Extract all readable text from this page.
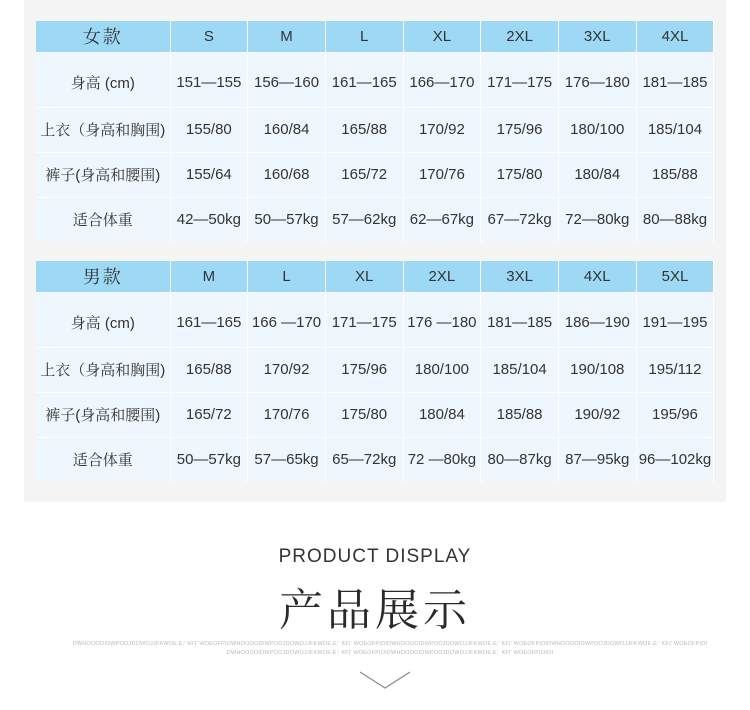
女款	S	M	L	XL	2XL	3XL	4XL
身高 (cm)	151—155	156—160	161—165	166—170	171—175	176—180	181—185
上衣（身高和胸围)	155/80	160/84	165/88	170/92	175/96	180/100	185/104
裤子(身高和腰围)	155/64	160/68	165/72	170/76	175/80	180/84	185/88
适合体重	42—50kg	50—57kg	57—62kg	62—67kg	67—72kg	72—80kg	80—88kg
男款	M	L	XL	2XL	3XL	4XL	5XL
身高 (cm)	161—165	166 —170	171—175	176 —180	181—185	186—190	191—195
上衣（身高和胸围)	165/88	170/92	175/96	180/100	185/104	190/108	195/112
裤子(身高和腰围)	165/72	170/76	175/80	180/84	185/88	190/92	195/96
适合体重	50—57kg	57—65kg	65—72kg	72 —80kg	80—87kg	87—95kg	96—102kg
PRODUCT DISPLAY
产品展示
DWHOOOOIDWPOOJDOWOJJFKWOE,E;' KF|' WOEOFP|OWHOOOOIDWPOOJDOWOJJFKWOE,E;' KF|' WOEOFP|OIDWHOOOOIDWPOOJDOWOJJFKWOE,E;' KF|' WOEOFP|OIDWHOOOOIDWPOOJDOWOJJFKWOE,E;' KF|' WOEOFP|OI
DWHOOOOIDWPOOJDOWOJJFKWOE,E;' KF|' WOEOFP|OIDWHOOOOIDWPOOJDOWOJJFKWOE,E;' KF|' WOEOFP|OIOI
